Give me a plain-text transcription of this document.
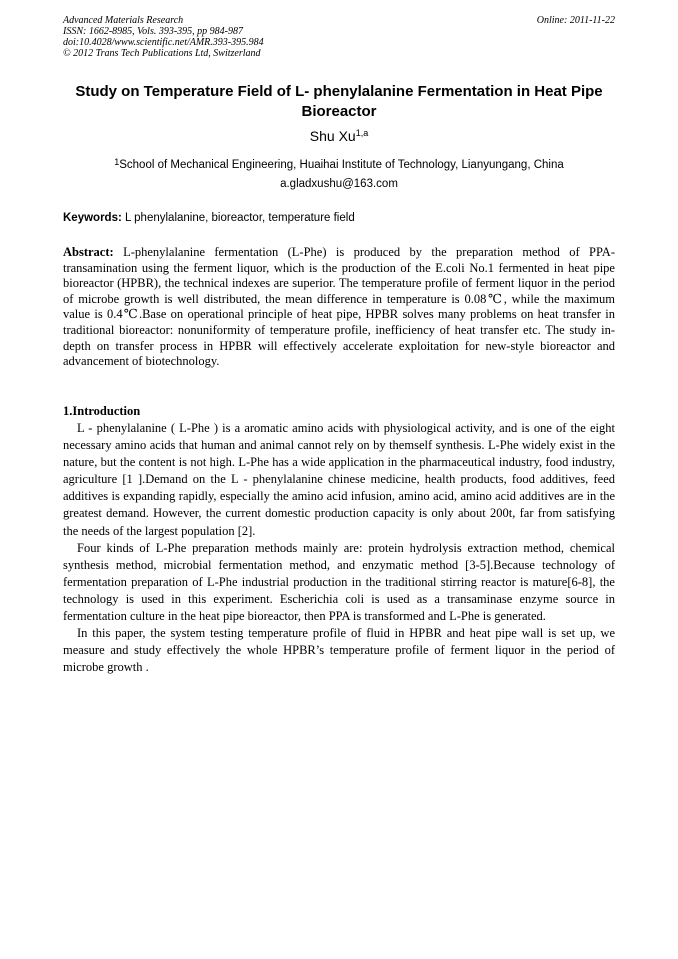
Advanced Materials Research
ISSN: 1662-8985, Vols. 393-395, pp 984-987
doi:10.4028/www.scientific.net/AMR.393-395.984
© 2012 Trans Tech Publications Ltd, Switzerland
Online: 2011-11-22
Study on Temperature Field of L- phenylalanine Fermentation in Heat Pipe Bioreactor
Shu Xu$^{1,a}$
$^1$School of Mechanical Engineering, Huaihai Institute of Technology, Lianyungang, China
a.gladxushu@163.com
Keywords: L phenylalanine, bioreactor, temperature field
Abstract: L-phenylalanine fermentation (L-Phe) is produced by the preparation method of PPA-transamination using the ferment liquor, which is the production of the E.coli No.1 fermented in heat pipe bioreactor (HPBR), the technical indexes are superior. The temperature profile of ferment liquor in the period of microbe growth is well distributed, the mean difference in temperature is 0.08℃, while the maximum value is 0.4℃.Base on operational principle of heat pipe, HPBR solves many problems on heat transfer in traditional bioreactor: nonuniformity of temperature profile, inefficiency of heat transfer etc. The study in-depth on transfer process in HPBR will effectively accelerate exploitation for new-style bioreactor and advancement of biotechnology.
1.Introduction

L - phenylalanine ( L-Phe ) is a aromatic amino acids with physiological activity, and is one of the eight necessary amino acids that human and animal cannot rely on by themself synthesis. L-Phe widely exist in the nature, but the content is not high. L-Phe has a wide application in the pharmaceutical industry, food industry, agriculture [1 ].Demand on the L - phenylalanine chinese medicine, health products, food additives, feed additives is expanding rapidly, especially the amino acid infusion, amino acid, amino acid additives are in the greatest demand. However, the current domestic production capacity is only about 200t, far from satisfying the needs of the largest population [2].

Four kinds of L-Phe preparation methods mainly are: protein hydrolysis extraction method, chemical synthesis method, microbial fermentation method, and enzymatic method [3-5].Because technology of fermentation preparation of L-Phe industrial production in the traditional stirring reactor is mature[6-8], the technology is used in this experiment. Escherichia coli is used as a transaminase enzyme source in fermentation culture in the heat pipe bioreactor, then PPA is transformed and L-Phe is generated.

In this paper, the system testing temperature profile of fluid in HPBR and heat pipe wall is set up, we measure and study effectively the whole HPBR’s temperature profile of ferment liquor in the period of microbe growth .
